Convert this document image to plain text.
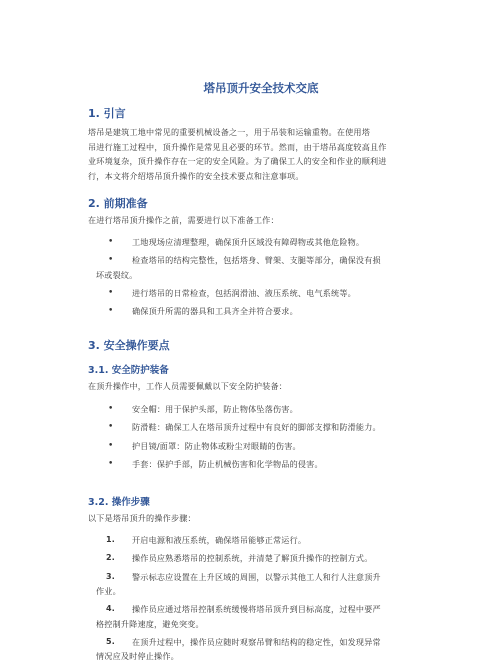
塔吊顶升安全技术交底
1. 引言
塔吊是建筑工地中常见的重要机械设备之一，用于吊装和运输重物。在使用塔
吊进行施工过程中，顶升操作是常见且必要的环节。然而，由于塔吊高度较高且作
业环境复杂，顶升操作存在一定的安全风险。为了确保工人的安全和作业的顺利进
行，本文将介绍塔吊顶升操作的安全技术要点和注意事项。
2. 前期准备
在进行塔吊顶升操作之前，需要进行以下准备工作：
• 工地现场应清理整理，确保顶升区域没有障碍物或其他危险物。
• 检查塔吊的结构完整性，包括塔身、臂架、支腿等部分，确保没有损
坏或裂纹。
• 进行塔吊的日常检查，包括润滑油、液压系统、电气系统等。
• 确保顶升所需的器具和工具齐全并符合要求。
3. 安全操作要点
3.1. 安全防护装备
在顶升操作中，工作人员需要佩戴以下安全防护装备：
• 安全帽：用于保护头部，防止物体坠落伤害。
• 防滑鞋：确保工人在塔吊顶升过程中有良好的脚部支撑和防滑能力。
• 护目镜/面罩：防止物体或粉尘对眼睛的伤害。
• 手套：保护手部，防止机械伤害和化学物品的侵害。
3.2. 操作步骤
以下是塔吊顶升的操作步骤：
1. 开启电源和液压系统，确保塔吊能够正常运行。
2. 操作员应熟悉塔吊的控制系统，并清楚了解顶升操作的控制方式。
3. 警示标志应设置在上升区域的周围，以警示其他工人和行人注意顶升
作业。
4. 操作员应通过塔吊控制系统缓慢将塔吊顶升到目标高度，过程中要严
格控制升降速度，避免突变。
5. 在顶升过程中，操作员应随时观察吊臂和结构的稳定性，如发现异常
情况应及时停止操作。
